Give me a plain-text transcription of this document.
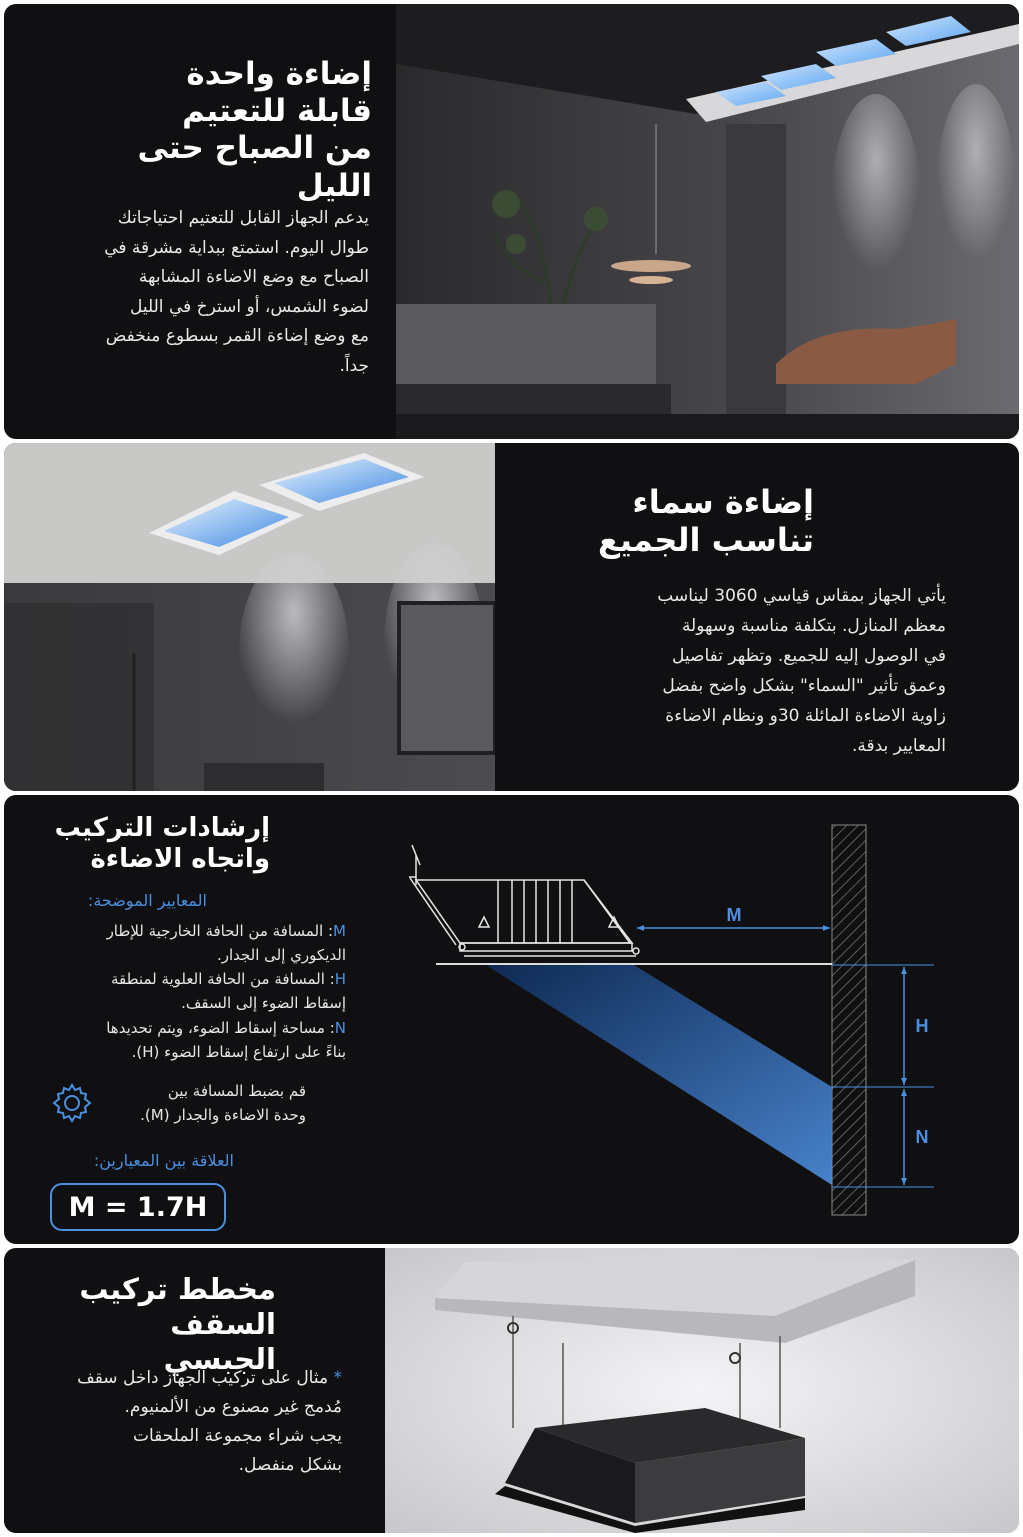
إضاءة واحدة
قابلة للتعتيم
من الصباح حتى الليل

يدعم الجهاز القابل للتعتيم احتياجاتك

طوال اليوم. استمتع ببداية مشرقة في

الصباح مع وضع الاضاءة المشابهة

لضوء الشمس، أو استرخ في الليل

مع وضع إضاءة القمر بسطوع منخفض

جداً.

إضاءة سماء
تناسب الجميع

يأتي الجهاز بمقاس قياسي 3060 ليناسب

معظم المنازل. بتكلفة مناسبة وسهولة

في الوصول إليه للجميع. وتظهر تفاصيل

وعمق تأثير "السماء" بشكل واضح بفضل

زاوية الاضاءة المائلة 30و ونظام الاضاءة

المعايير بدقة.

إرشادات التركيب
واتجاه الاضاءة
المعايير الموضحة:
M: المسافة من الحافة الخارجية للإطار
الديكوري إلى الجدار.
H: المسافة من الحافة العلوية لمنطقة
إسقاط الضوء إلى السقف.
N: مساحة إسقاط الضوء، ويتم تحديدها
بناءً على ارتفاع إسقاط الضوء (H).
قم بضبط المسافة بين
وحدة الاضاءة والجدار (M).
العلاقة بين المعيارين:
M = 1.7H
M
H
N
مخطط تركيب
السقف الجبسي

* مثال على تركيب الجهاز داخل سقف

مُدمج غير مصنوع من الألمنيوم.

يجب شراء مجموعة الملحقات

بشكل منفصل.
